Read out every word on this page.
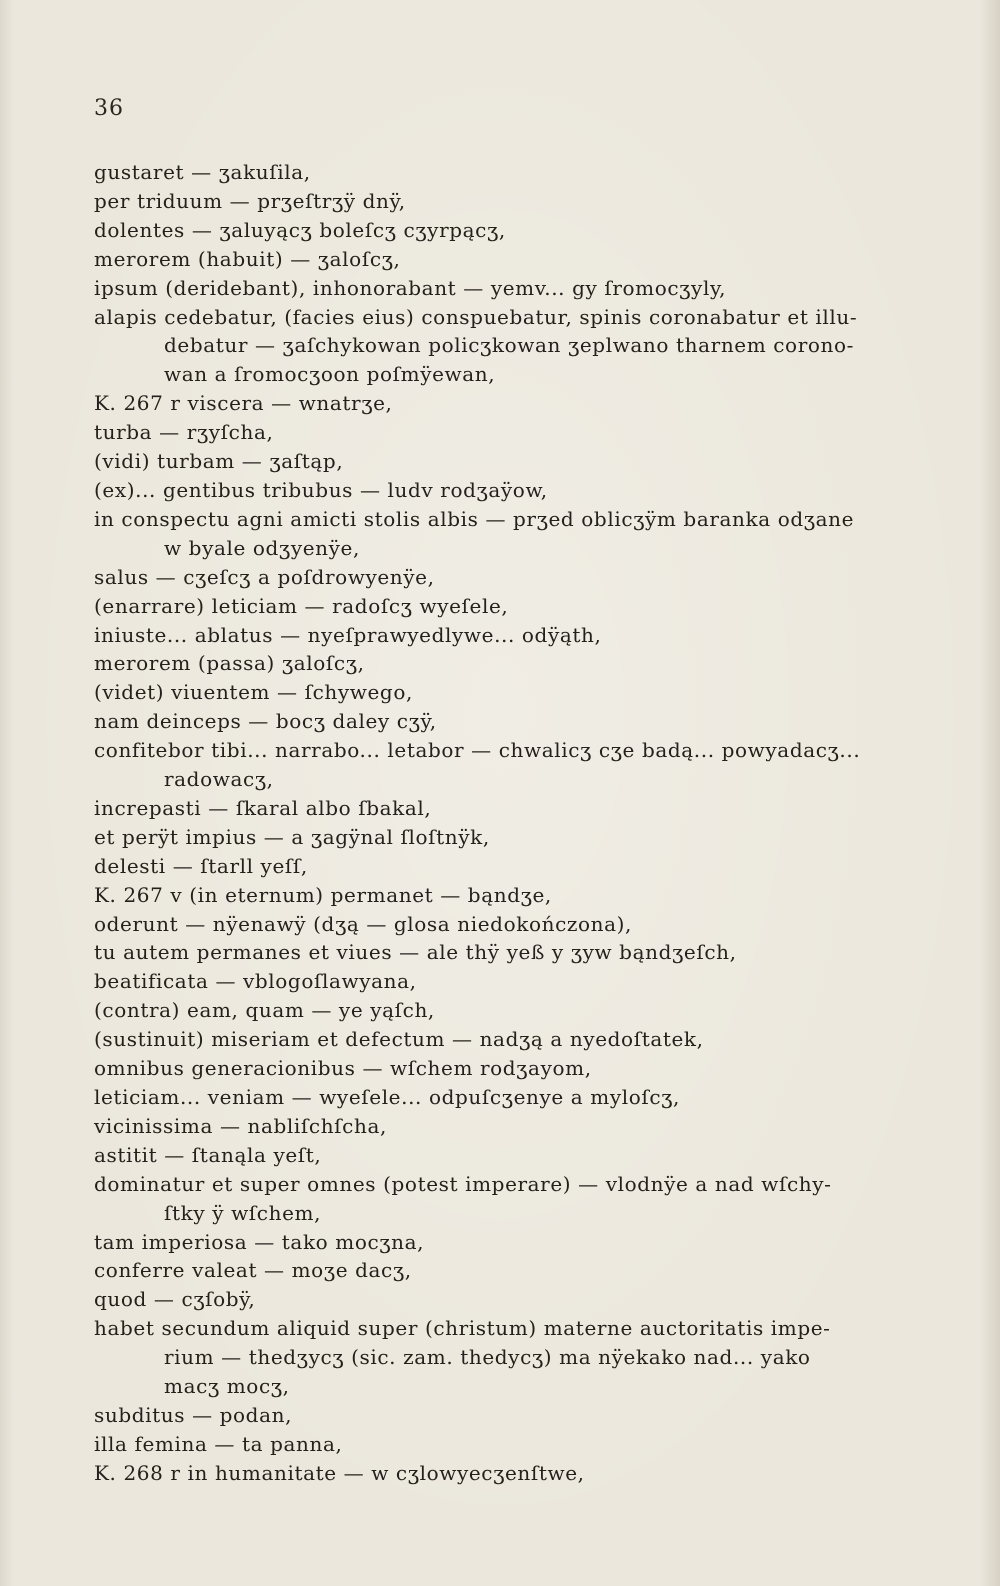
36
gustaret — ʒakuſila,
per triduum — prʒeſtrʒÿ dnÿ,
dolentes — ʒaluyącʒ boleſcʒ cʒyrpącʒ,
merorem (habuit) — ʒaloſcʒ,
ipsum (deridebant), inhonorabant — yemv... gy ſromocʒyly,
alapis cedebatur, (facies eius) conspuebatur, spinis coronabatur et illu-
debatur — ʒaſchykowan policʒkowan ʒeplwano tharnem corono-
wan a ſromocʒoon poſmÿewan,
K. 267 r viscera — wnatrʒe,
turba — rʒyſcha,
(vidi) turbam — ʒaſtąp,
(ex)... gentibus tribubus — ludv rodʒaÿow,
in conspectu agni amicti stolis albis — prʒed oblicʒÿm baranka odʒane
w byale odʒyenÿe,
salus — cʒeſcʒ a poſdrowyenÿe,
(enarrare) leticiam — radoſcʒ wyeſele,
iniuste... ablatus — nyeſprawyedlywe... odÿąth,
merorem (passa) ʒaloſcʒ,
(videt) viuentem — ſchywego,
nam deinceps — bocʒ daley cʒÿ,
confitebor tibi... narrabo... letabor — chwalicʒ cʒe badą... powyadacʒ...
radowacʒ,
increpasti — ſkaral albo ſbakal,
et perÿt impius — a ʒagÿnal ſloſtnÿk,
delesti — ſtarll yeſſ,
K. 267 v (in eternum) permanet — bąndʒe,
oderunt — nÿenawÿ (dʒą — glosa niedokończona),
tu autem permanes et viues — ale thÿ yeß y ʒyw bąndʒeſch,
beatificata — vblogoſlawyana,
(contra) eam, quam — ye yąſch,
(sustinuit) miseriam et defectum — nadʒą a nyedoſtatek,
omnibus generacionibus — wſchem rodʒayom,
leticiam... veniam — wyeſele... odpuſcʒenye a myloſcʒ,
vicinissima — nabliſchſcha,
astitit — ſtanąla yeſt,
dominatur et super omnes (potest imperare) — vlodnÿe a nad wſchy-
ſtky ÿ wſchem,
tam imperiosa — tako mocʒna,
conferre valeat — moʒe dacʒ,
quod — cʒſobÿ,
habet secundum aliquid super (christum) materne auctoritatis impe-
rium — thedʒycʒ (sic. zam. thedycʒ) ma nÿekako nad... yako
macʒ mocʒ,
subditus — podan,
illa femina — ta panna,
K. 268 r in humanitate — w cʒlowyecʒenſtwe,
